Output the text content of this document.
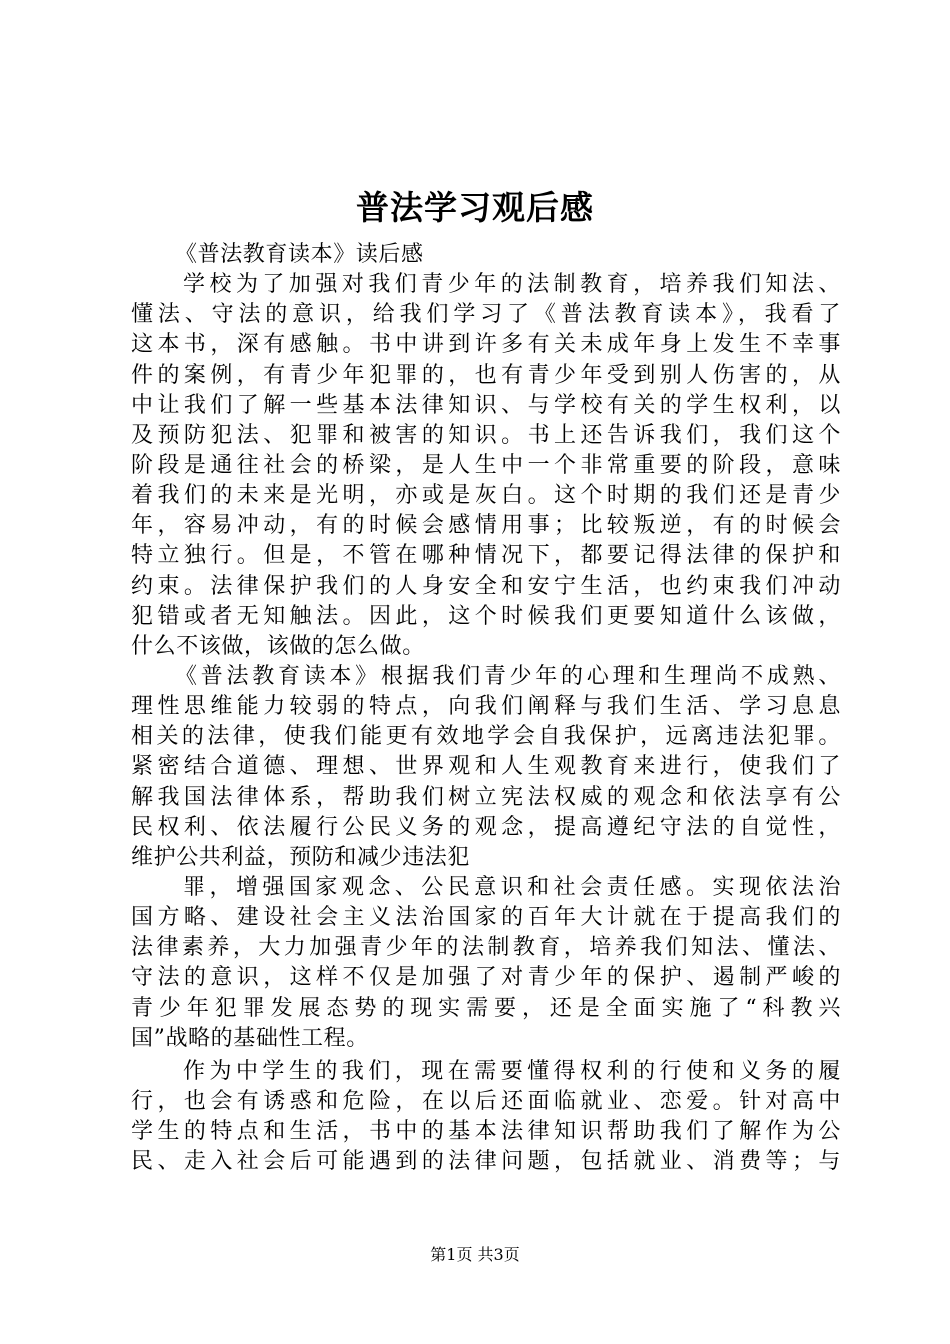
普法学习观后感
《普法教育读本》读后感
学校为了加强对我们青少年的法制教育，培养我们知法、
懂法、守法的意识，给我们学习了《普法教育读本》，我看了
这本书，深有感触。书中讲到许多有关未成年身上发生不幸事
件的案例，有青少年犯罪的，也有青少年受到别人伤害的，从
中让我们了解一些基本法律知识、与学校有关的学生权利，以
及预防犯法、犯罪和被害的知识。书上还告诉我们，我们这个
阶段是通往社会的桥梁，是人生中一个非常重要的阶段，意味
着我们的未来是光明，亦或是灰白。这个时期的我们还是青少
年，容易冲动，有的时候会感情用事；比较叛逆，有的时候会
特立独行。但是，不管在哪种情况下，都要记得法律的保护和
约束。法律保护我们的人身安全和安宁生活，也约束我们冲动
犯错或者无知触法。因此，这个时候我们更要知道什么该做，
什么不该做，该做的怎么做。
《普法教育读本》根据我们青少年的心理和生理尚不成熟、
理性思维能力较弱的特点，向我们阐释与我们生活、学习息息
相关的法律，使我们能更有效地学会自我保护，远离违法犯罪。
紧密结合道德、理想、世界观和人生观教育来进行，使我们了
解我国法律体系，帮助我们树立宪法权威的观念和依法享有公
民权利、依法履行公民义务的观念，提高遵纪守法的自觉性，
维护公共利益，预防和减少违法犯
罪，增强国家观念、公民意识和社会责任感。实现依法治
国方略、建设社会主义法治国家的百年大计就在于提高我们的
法律素养，大力加强青少年的法制教育，培养我们知法、懂法、
守法的意识，这样不仅是加强了对青少年的保护、遏制严峻的
青少年犯罪发展态势的现实需要，还是全面实施了“科教兴
国”战略的基础性工程。
作为中学生的我们，现在需要懂得权利的行使和义务的履
行，也会有诱惑和危险，在以后还面临就业、恋爱。针对高中
学生的特点和生活，书中的基本法律知识帮助我们了解作为公
民、走入社会后可能遇到的法律问题，包括就业、消费等；与
第1页 共3页
